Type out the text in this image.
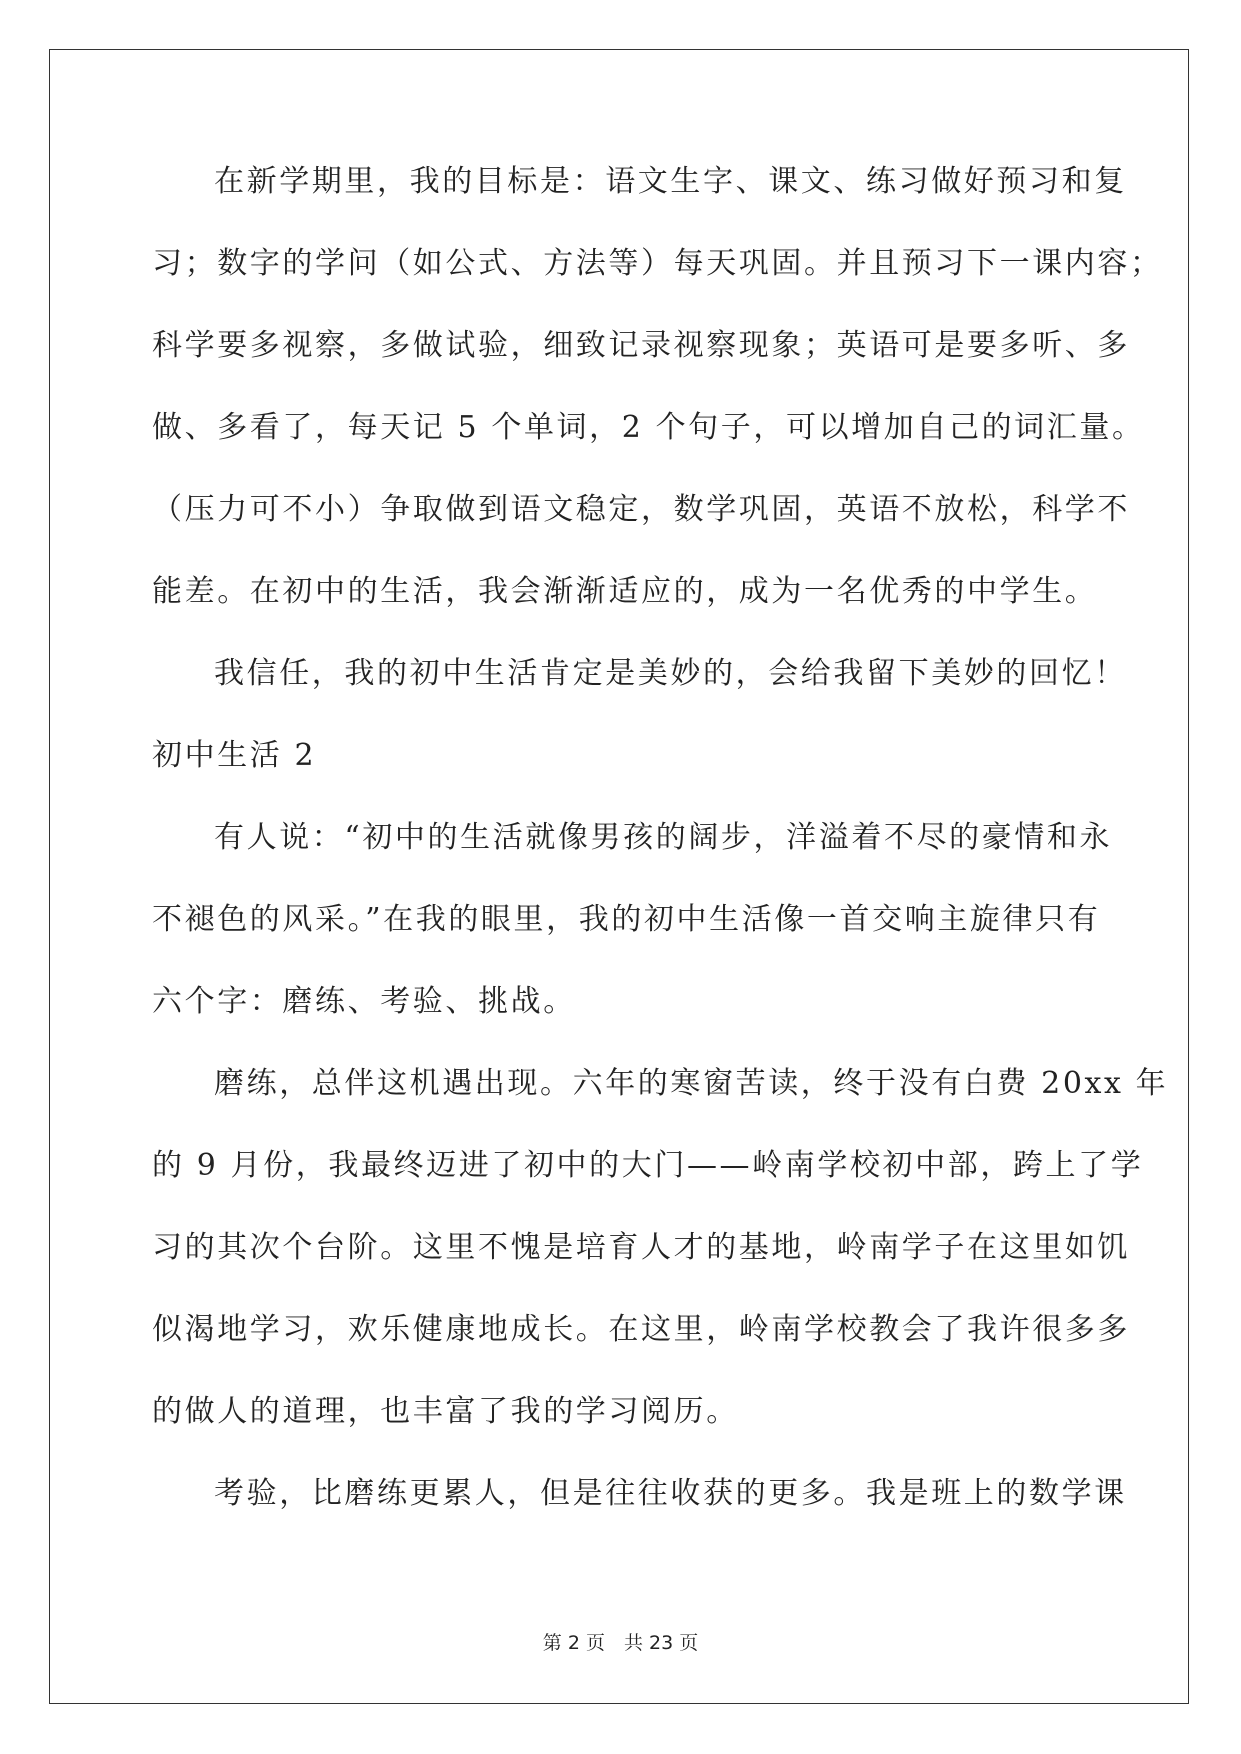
在新学期里，我的目标是：语文生字、课文、练习做好预习和复
习；数字的学问（如公式、方法等）每天巩固。并且预习下一课内容；
科学要多视察，多做试验，细致记录视察现象；英语可是要多听、多
做、多看了，每天记 5 个单词，2 个句子，可以增加自己的词汇量。
（压力可不小）争取做到语文稳定，数学巩固，英语不放松，科学不
能差。在初中的生活，我会渐渐适应的，成为一名优秀的中学生。
我信任，我的初中生活肯定是美妙的，会给我留下美妙的回忆！
初中生活 2
有人说：“初中的生活就像男孩的阔步，洋溢着不尽的豪情和永
不褪色的风采。”在我的眼里，我的初中生活像一首交响主旋律只有
六个字：磨练、考验、挑战。
磨练，总伴这机遇出现。六年的寒窗苦读，终于没有白费 20xx 年
的 9 月份，我最终迈进了初中的大门——岭南学校初中部，跨上了学
习的其次个台阶。这里不愧是培育人才的基地，岭南学子在这里如饥
似渴地学习，欢乐健康地成长。在这里，岭南学校教会了我许很多多
的做人的道理，也丰富了我的学习阅历。
考验，比磨练更累人，但是往往收获的更多。我是班上的数学课
第 2 页　共 23 页
